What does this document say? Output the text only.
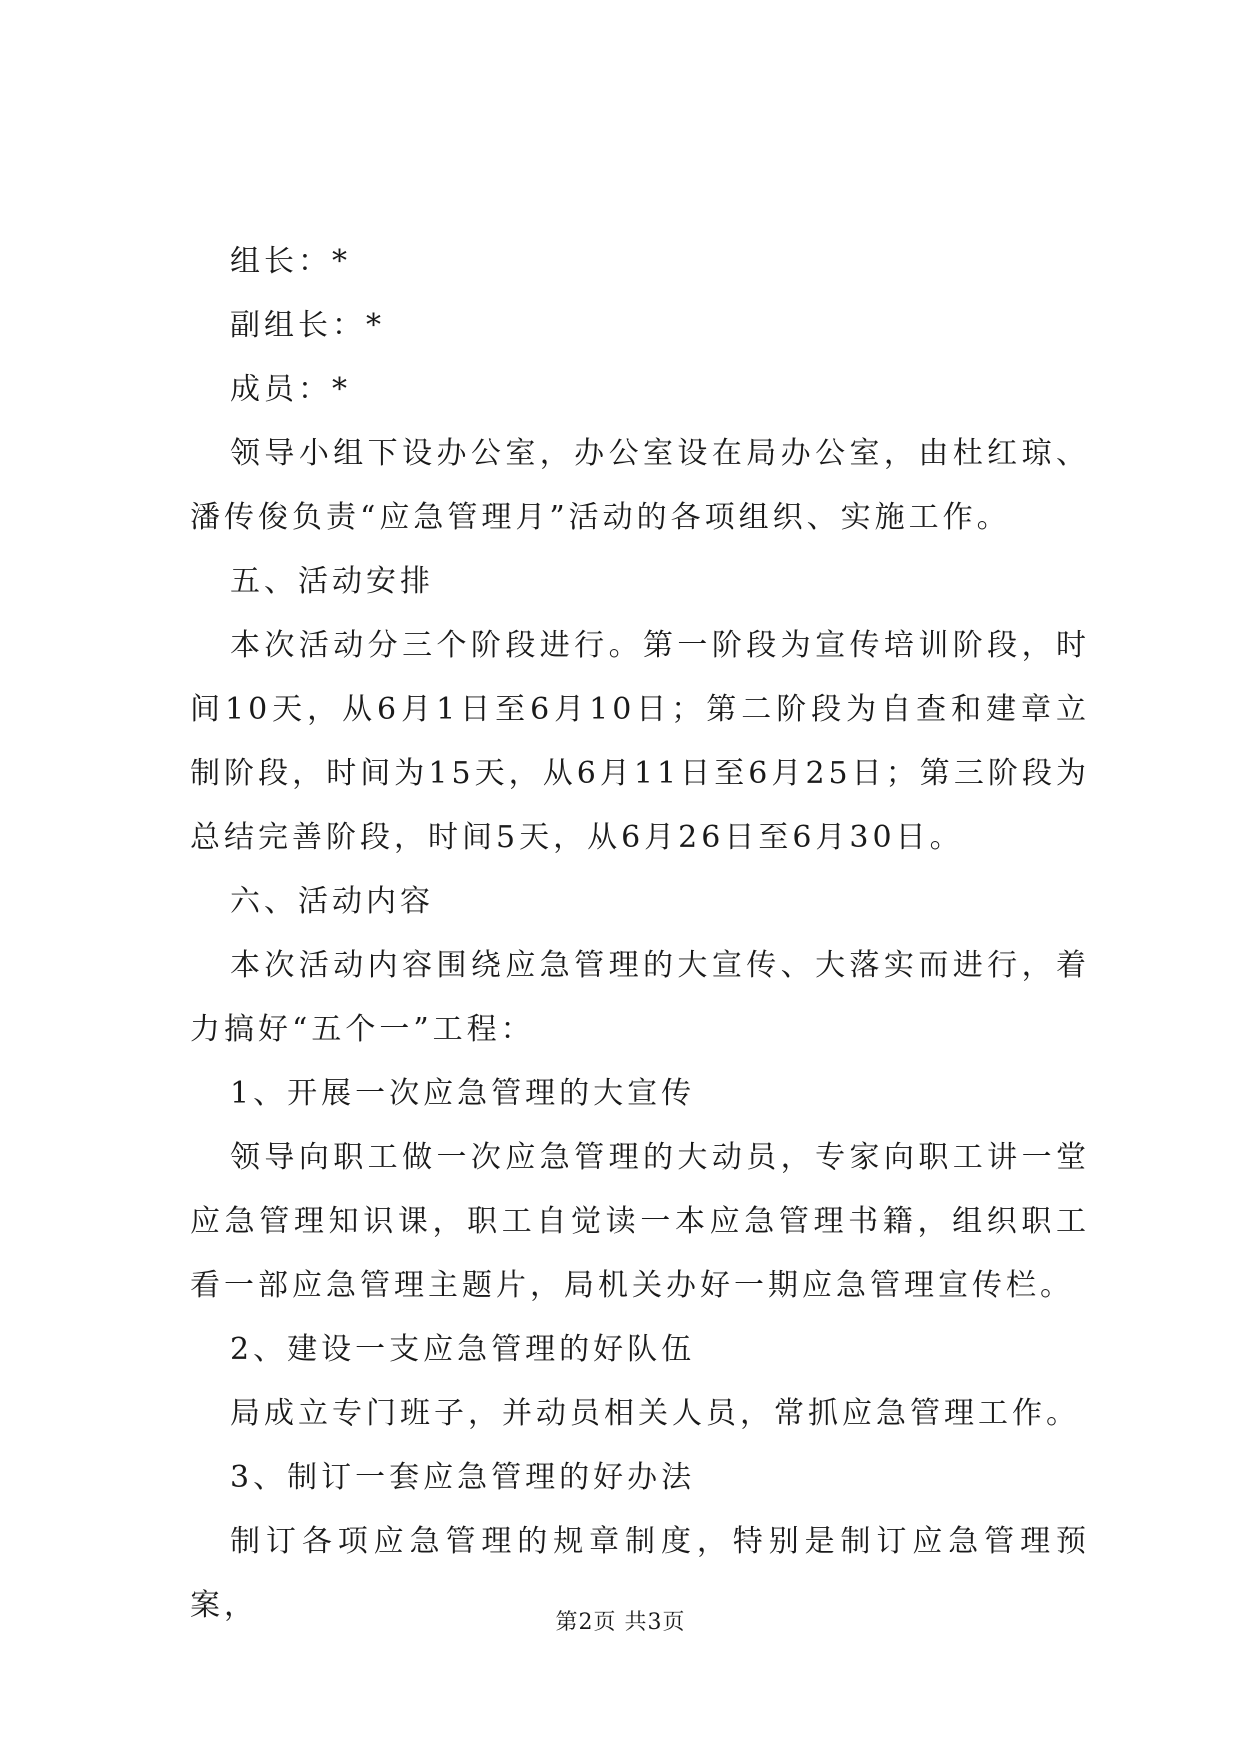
组长：*

副组长：*

成员：*

领导小组下设办公室，办公室设在局办公室，由杜红琼、潘传俊负责“应急管理月”活动的各项组织、实施工作。

五、活动安排

本次活动分三个阶段进行。第一阶段为宣传培训阶段，时间10天，从6月1日至6月10日；第二阶段为自查和建章立制阶段，时间为15天，从6月11日至6月25日；第三阶段为总结完善阶段，时间5天，从6月26日至6月30日。

六、活动内容

本次活动内容围绕应急管理的大宣传、大落实而进行，着力搞好“五个一”工程：

1、开展一次应急管理的大宣传

领导向职工做一次应急管理的大动员，专家向职工讲一堂应急管理知识课，职工自觉读一本应急管理书籍，组织职工看一部应急管理主题片，局机关办好一期应急管理宣传栏。

2、建设一支应急管理的好队伍

局成立专门班子，并动员相关人员，常抓应急管理工作。

3、制订一套应急管理的好办法

制订各项应急管理的规章制度，特别是制订应急管理预案，	第2页 共3页
